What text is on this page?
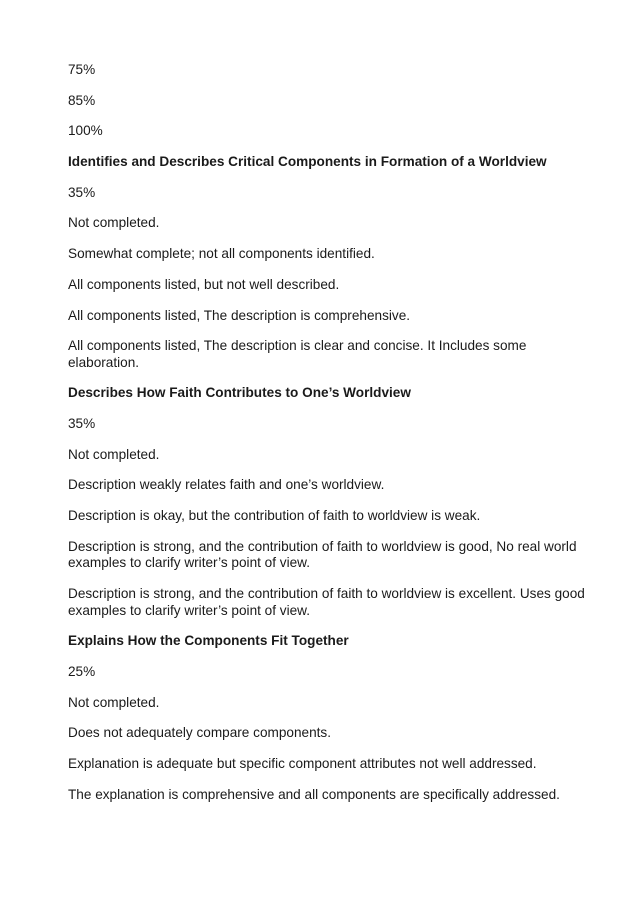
75%

85%

100%

Identifies and Describes Critical Components in Formation of a Worldview

35%

Not completed.

Somewhat complete; not all components identified.

All components listed, but not well described.

All components listed, The description is comprehensive.

All components listed, The description is clear and concise. It Includes some elaboration.

Describes How Faith Contributes to One’s Worldview

35%

Not completed.

Description weakly relates faith and one’s worldview.

Description is okay, but the contribution of faith to worldview is weak.

Description is strong, and the contribution of faith to worldview is good, No real world examples to clarify writer’s point of view.

Description is strong, and the contribution of faith to worldview is excellent. Uses good examples to clarify writer’s point of view.

Explains How the Components Fit Together

25%

Not completed.

Does not adequately compare components.

Explanation is adequate but specific component attributes not well addressed.

The explanation is comprehensive and all components are specifically addressed.
